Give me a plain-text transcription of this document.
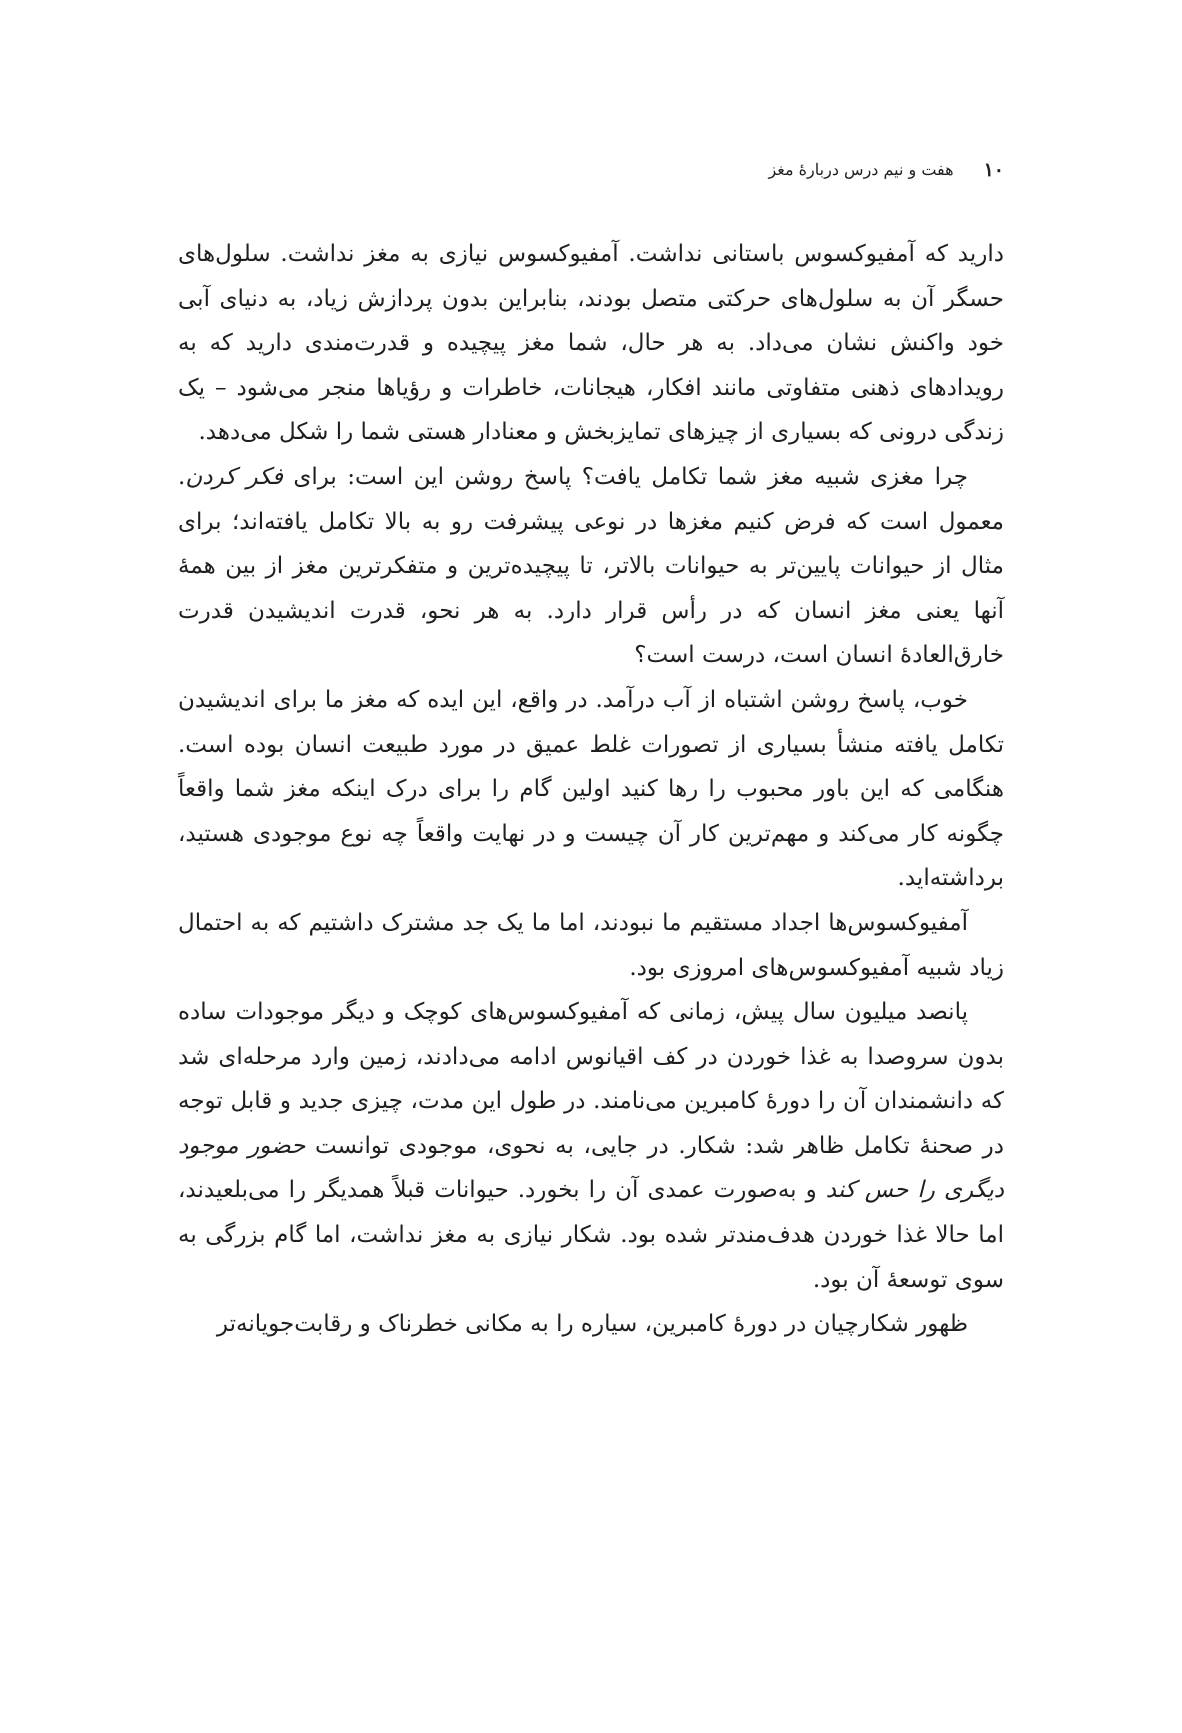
۱۰
هفت و نیم درس دربارهٔ مغز

دارید که آمفیوکسوس باستانی نداشت. آمفیوکسوس نیازی به مغز نداشت. سلول‌های حسگر آن به سلول‌های حرکتی متصل بودند، بنابراین بدون پردازش زیاد، به دنیای آبی خود واکنش نشان می‌داد. به هر حال، شما مغز پیچیده و قدرت‌مندی دارید که به رویدادهای ذهنی متفاوتی مانند افکار، هیجانات، خاطرات و رؤیاها منجر می‌شود – یک زندگی درونی که بسیاری از چیزهای تمایزبخش و معنادار هستی شما را شکل می‌دهد.

چرا مغزی شبیه مغز شما تکامل یافت؟ پاسخ روشن این است: برای فکر کردن. معمول است که فرض کنیم مغزها در نوعی پیشرفت رو به بالا تکامل یافته‌اند؛ برای مثال از حیوانات پایین‌تر به حیوانات بالاتر، تا پیچیده‌ترین و متفکرترین مغز از بین همهٔ آنها یعنی مغز انسان که در رأس قرار دارد. به هر نحو، قدرت اندیشیدن قدرت خارق‌العادهٔ انسان است، درست است؟

خوب، پاسخ روشن اشتباه از آب درآمد. در واقع، این ایده که مغز ما برای اندیشیدن تکامل یافته منشأ بسیاری از تصورات غلط عمیق در مورد طبیعت انسان بوده است. هنگامی که این باور محبوب را رها کنید اولین گام را برای درک اینکه مغز شما واقعاً چگونه کار می‌کند و مهم‌ترین کار آن چیست و در نهایت واقعاً چه نوع موجودی هستید، برداشته‌اید.

آمفیوکسوس‌ها اجداد مستقیم ما نبودند، اما ما یک جد مشترک داشتیم که به احتمال زیاد شبیه آمفیوکسوس‌های امروزی بود.

پانصد میلیون سال پیش، زمانی که آمفیوکسوس‌های کوچک و دیگر موجودات ساده بدون سروصدا به غذا خوردن در کف اقیانوس ادامه می‌دادند، زمین وارد مرحله‌ای شد که دانشمندان آن را دورهٔ کامبرین می‌نامند. در طول این مدت، چیزی جدید و قابل توجه در صحنهٔ تکامل ظاهر شد: شکار. در جایی، به نحوی، موجودی توانست حضور موجود دیگری را حس کند و به‌صورت عمدی آن را بخورد. حیوانات قبلاً همدیگر را می‌بلعیدند، اما حالا غذا خوردن هدف‌مندتر شده بود. شکار نیازی به مغز نداشت، اما گام بزرگی به سوی توسعهٔ آن بود.

ظهور شکارچیان در دورهٔ کامبرین، سیاره را به مکانی خطرناک و رقابت‌جویانه‌تر
